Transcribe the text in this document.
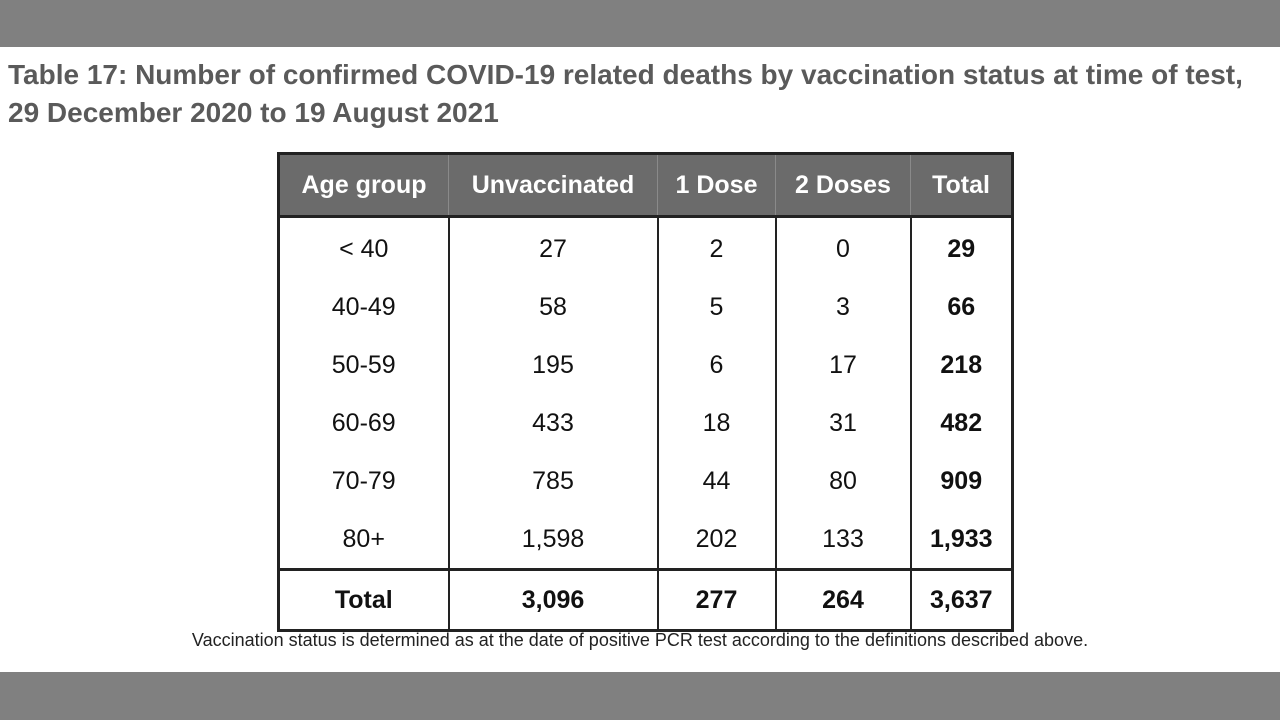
Table 17: Number of confirmed COVID-19 related deaths by vaccination status at time of test, 29 December 2020 to 19 August 2021
Age group	Unvaccinated	1 Dose	2 Doses	Total
< 40	27	2	0	29
40-49	58	5	3	66
50-59	195	6	17	218
60-69	433	18	31	482
70-79	785	44	80	909
80+	1,598	202	133	1,933
Total	3,096	277	264	3,637

Vaccination status is determined as at the date of positive PCR test according to the definitions described above.
